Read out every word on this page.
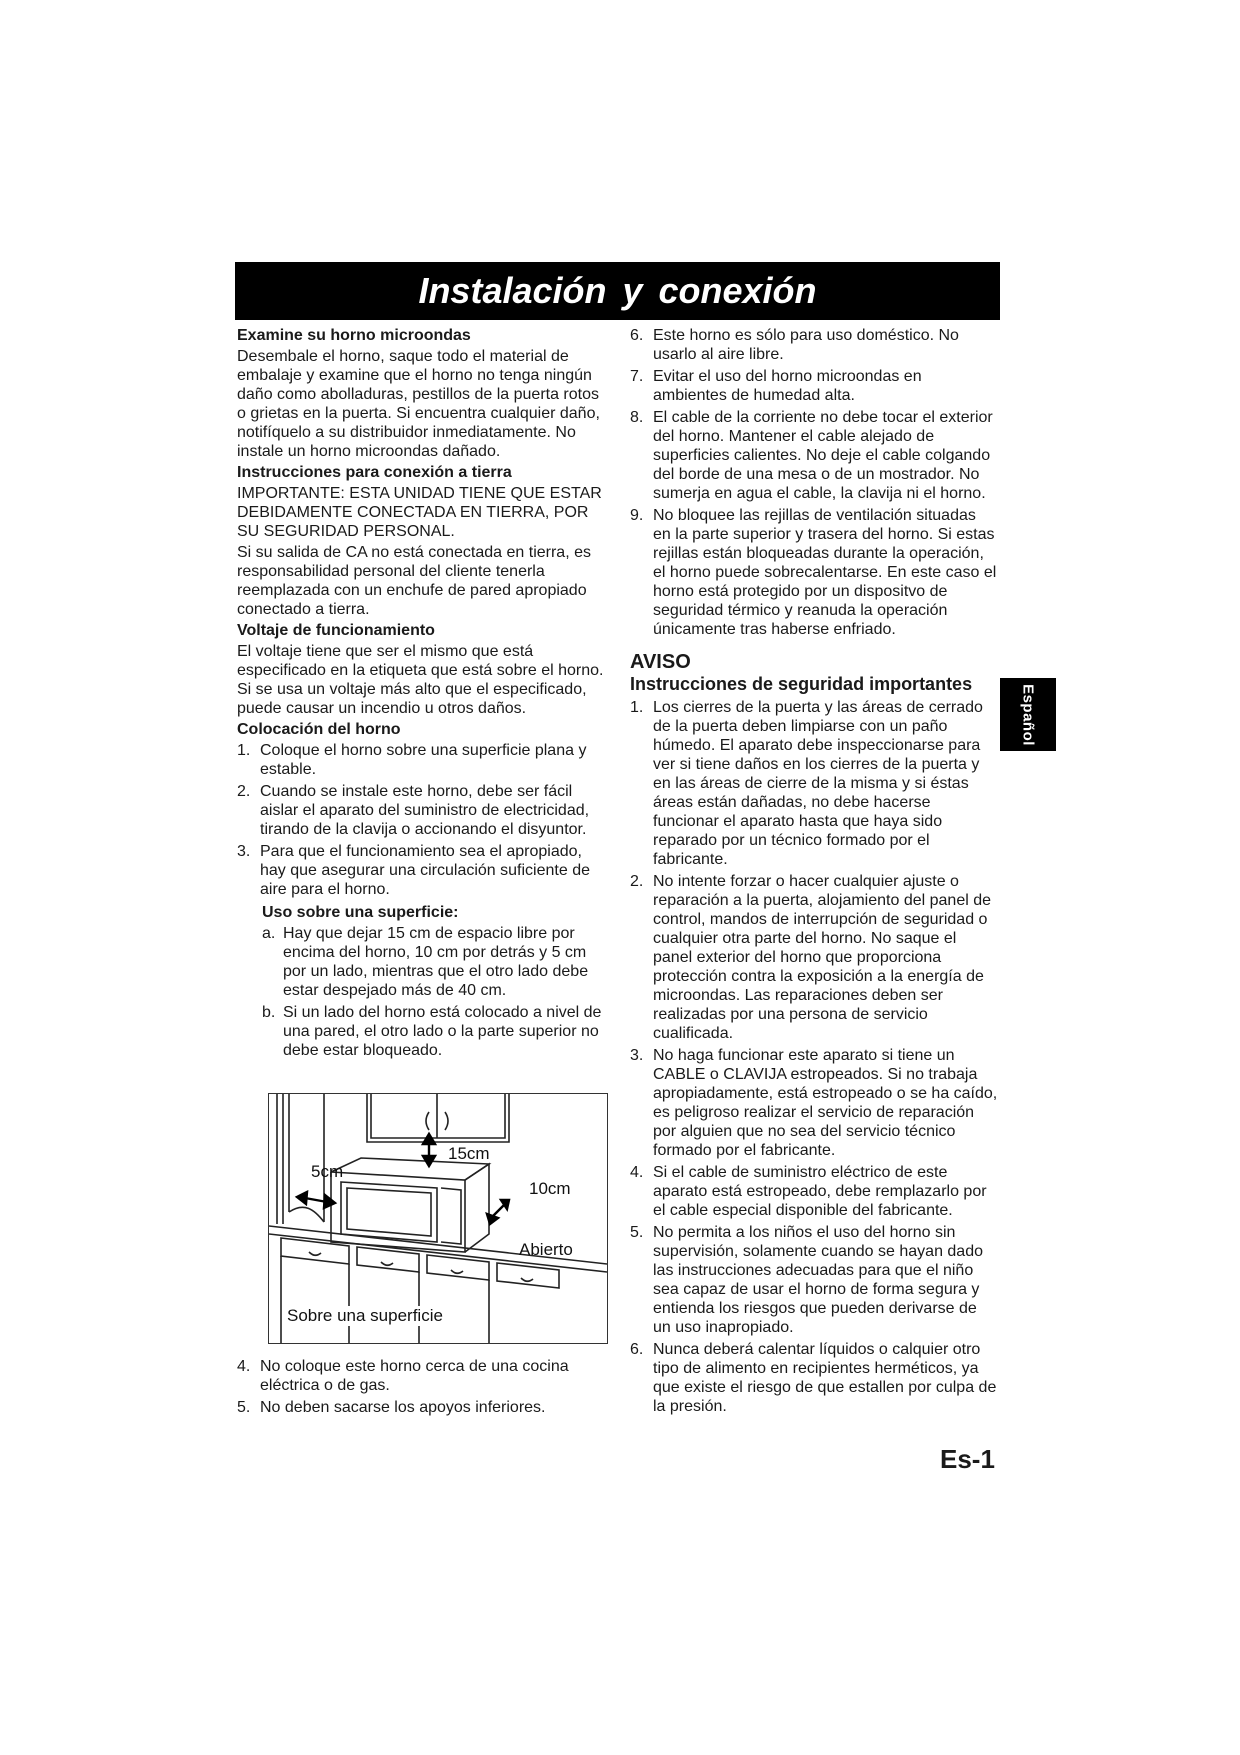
Instalación y conexión
Examine su horno microondas

Desembale el horno, saque todo el material de embalaje y examine que el horno no tenga ningún daño como abolladuras, pestillos de la puerta rotos o grietas en la puerta. Si encuentra cualquier daño, notifíquelo a su distribuidor inmediatamente. No instale un horno microondas dañado.

Instrucciones para conexión a tierra

IMPORTANTE: ESTA UNIDAD TIENE QUE ESTAR DEBIDAMENTE CONECTADA EN TIERRA, POR SU SEGURIDAD PERSONAL.

Si su salida de CA no está conectada en tierra, es responsabilidad personal del cliente tenerla reemplazada con un enchufe de pared apropiado conectado a tierra.

Voltaje de funcionamiento

El voltaje tiene que ser el mismo que está especificado en la etiqueta que está sobre el horno. Si se usa un voltaje más alto que el especificado, puede causar un incendio u otros daños.

Colocación del horno
1. Coloque el horno sobre una superficie plana y estable.
2. Cuando se instale este horno, debe ser fácil aislar el aparato del suministro de electricidad, tirando de la clavija o accionando el disyuntor.
3. Para que el funcionamiento sea el apropiado, hay que asegurar una circulación suficiente de aire para el horno.
Uso sobre una superficie:
a. Hay que dejar 15 cm de espacio libre por encima del horno, 10 cm por detrás y 5 cm por un lado, mientras que el otro lado debe estar despejado más de 40 cm.
b. Si un lado del horno está colocado a nivel de una pared, el otro lado o la parte superior no debe estar bloqueado.
15cm
5cm
10cm
Abierto
Sobre una superficie
4. No coloque este horno cerca de una cocina eléctrica o de gas.
5. No deben sacarse los apoyos inferiores.
6. Este horno es sólo para uso doméstico. No usarlo al aire libre.
7. Evitar el uso del horno microondas en ambientes de humedad alta.
8. El cable de la corriente no debe tocar el exterior del horno. Mantener el cable alejado de superficies calientes. No deje el cable colgando del borde de una mesa o de un mostrador. No sumerja en agua el cable, la clavija ni el horno.
9. No bloquee las rejillas de ventilación situadas en la parte superior y trasera del horno. Si estas rejillas están bloqueadas durante la operación, el horno puede sobrecalentarse. En este caso el horno está protegido por un dispositvo de seguridad térmico y reanuda la operación únicamente tras haberse enfriado.
AVISO
Instrucciones de seguridad importantes
1. Los cierres de la puerta y las áreas de cerrado de la puerta deben limpiarse con un paño húmedo. El aparato debe inspeccionarse para ver si tiene daños en los cierres de la puerta y en las áreas de cierre de la misma y si éstas áreas están dañadas, no debe hacerse funcionar el aparato hasta que haya sido reparado por un técnico formado por el fabricante.
2. No intente forzar o hacer cualquier ajuste o reparación a la puerta, alojamiento del panel de control, mandos de interrupción de seguridad o cualquier otra parte del horno. No saque el panel exterior del horno que proporciona protección contra la exposición a la energía de microondas. Las reparaciones deben ser realizadas por una persona de servicio cualificada.
3. No haga funcionar este aparato si tiene un CABLE o CLAVIJA estropeados. Si no trabaja apropiadamente, está estropeado o se ha caído, es peligroso realizar el servicio de reparación por alguien que no sea del servicio técnico formado por el fabricante.
4. Si el cable de suministro eléctrico de este aparato está estropeado, debe remplazarlo por el cable especial disponible del fabricante.
5. No permita a los niños el uso del horno sin supervisión, solamente cuando se hayan dado las instrucciones adecuadas para que el niño sea capaz de usar el horno de forma segura y entienda los riesgos que pueden derivarse de un uso inapropiado.
6. Nunca deberá calentar líquidos o calquier otro tipo de alimento en recipientes herméticos, ya que existe el riesgo de que estallen por culpa de la presión.
Español
Es-1
